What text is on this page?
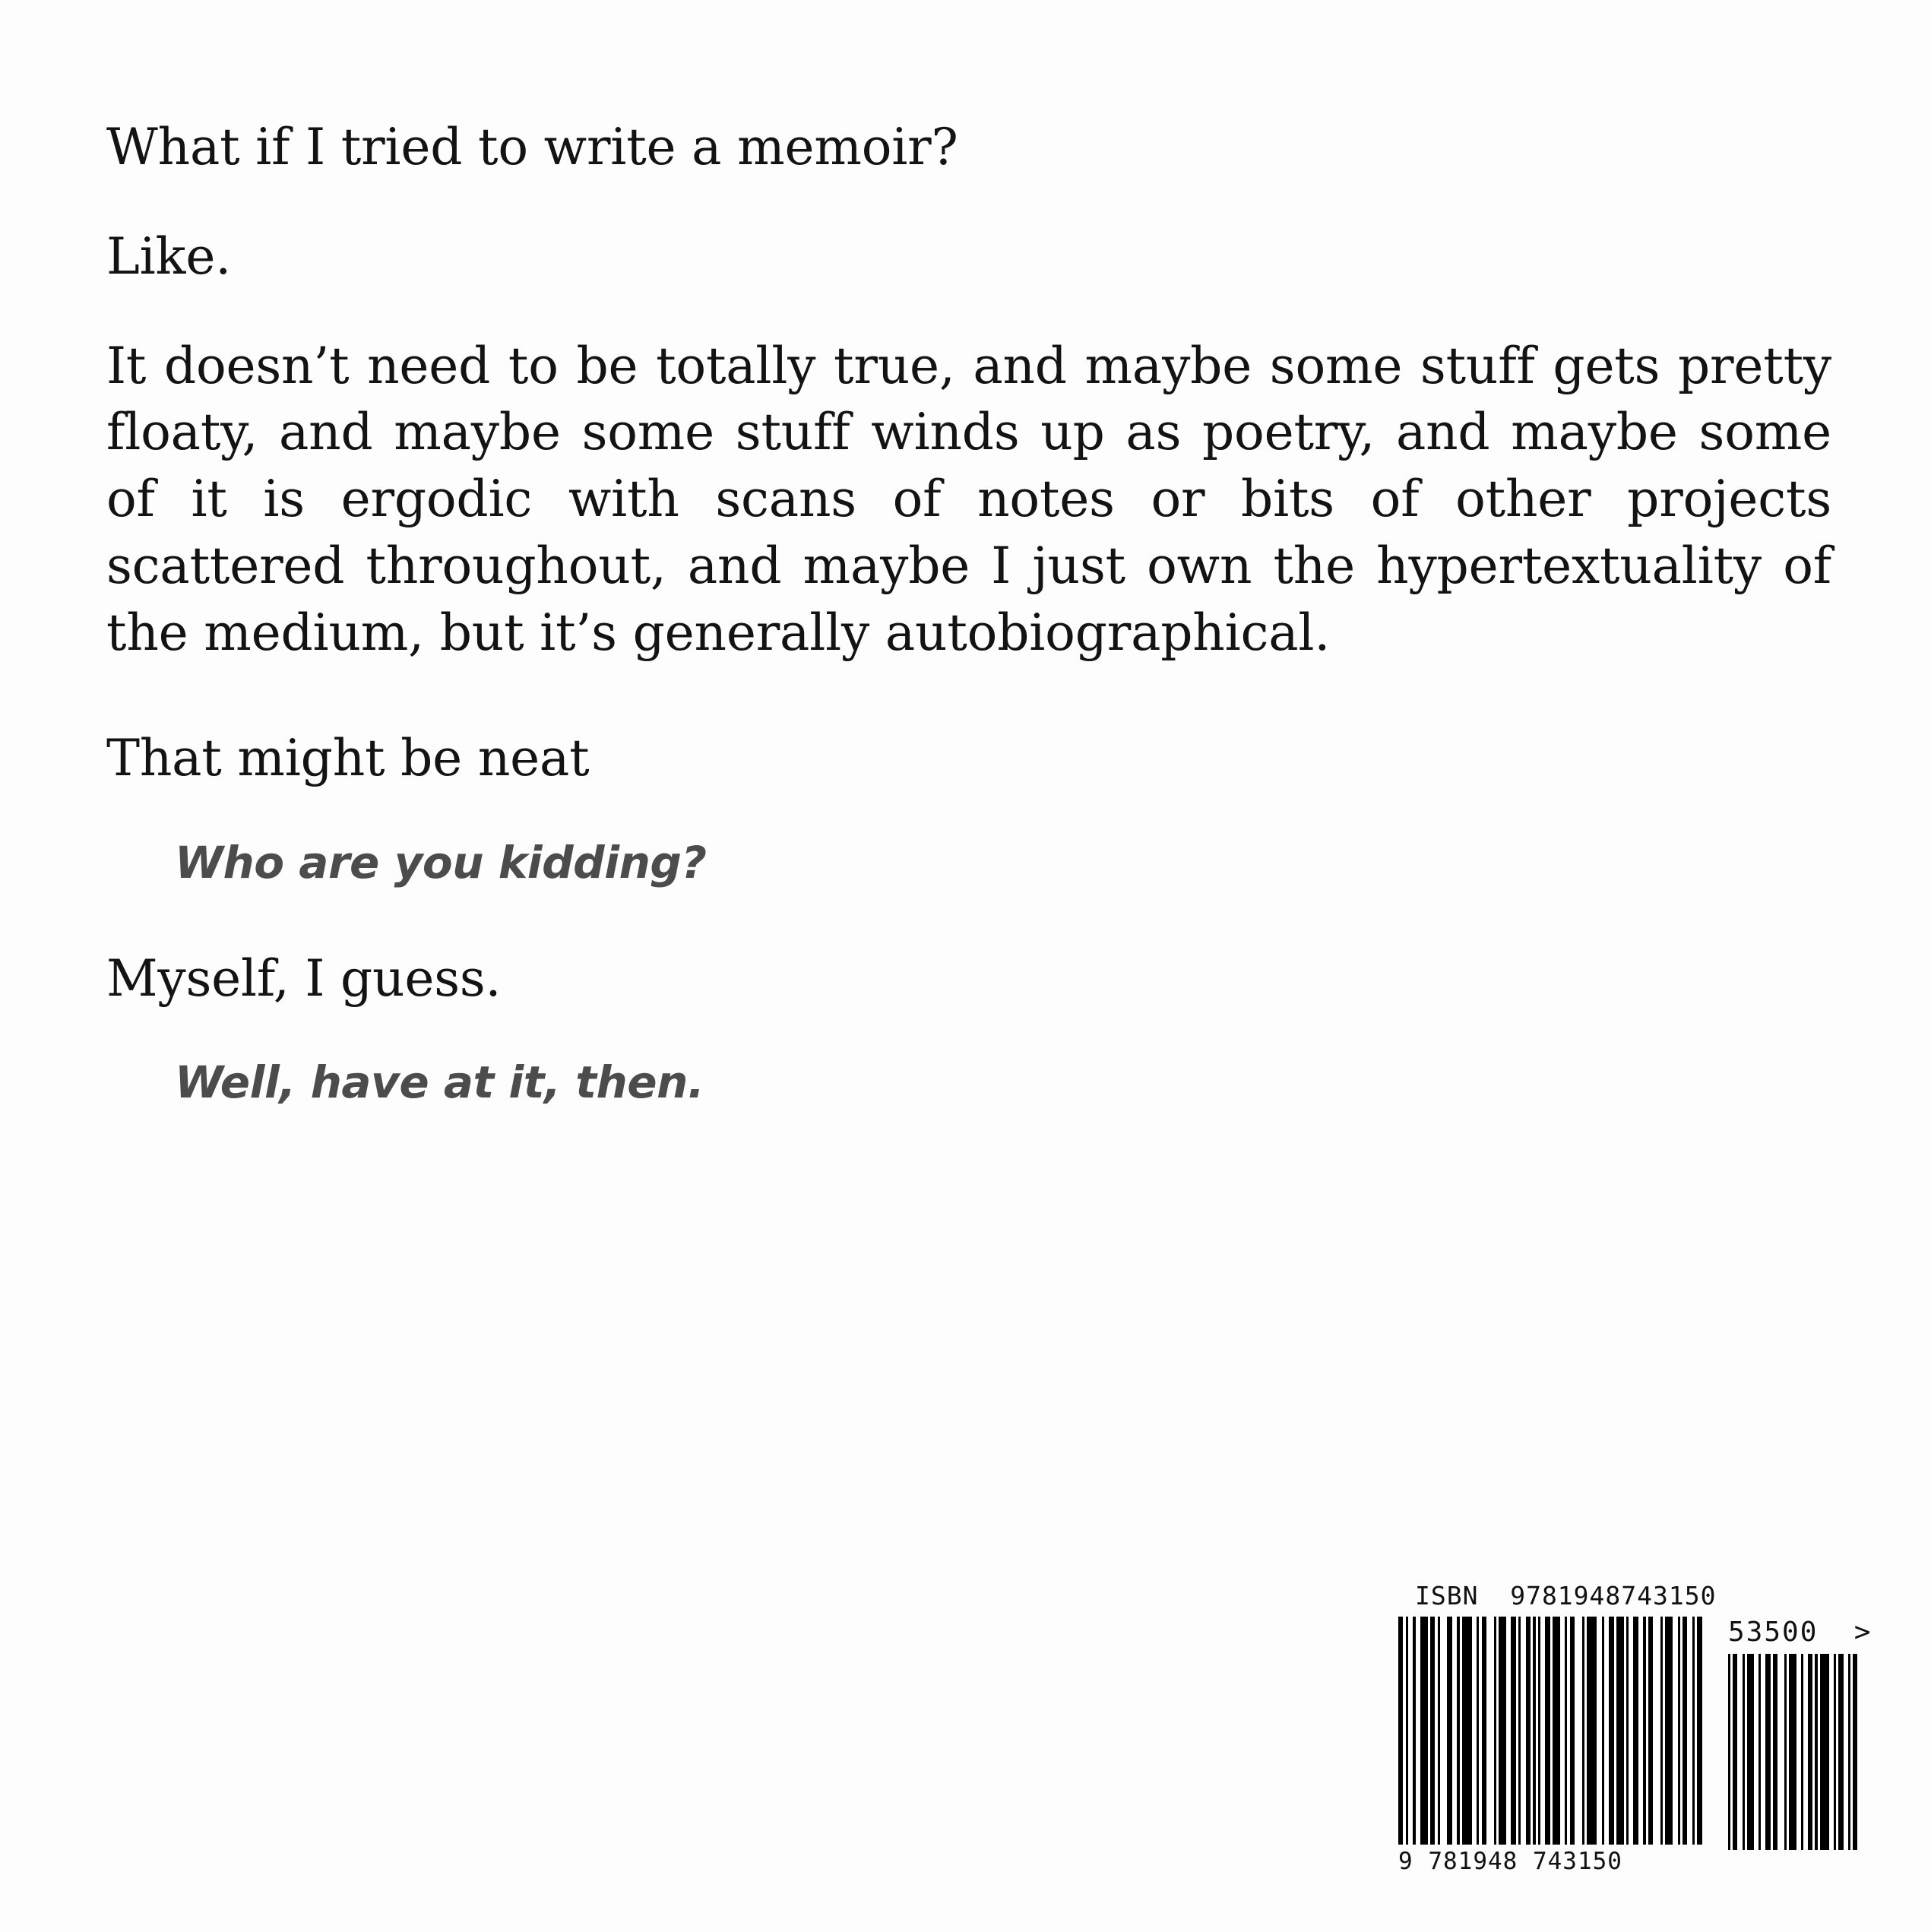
What if I tried to write a memoir?

Like.

It doesn’t need to be totally true, and maybe some stuff gets pretty floaty, and maybe some stuff winds up as poetry, and maybe some of it is ergodic with scans of notes or bits of other projects scattered throughout, and maybe I just own the hypertextuality of the medium, but it’s generally autobiographical.

That might be neat

Who are you kidding?

Myself, I guess.

Well, have at it, then.

ISBN  9781948743150
9 781948 743150
53500  >
